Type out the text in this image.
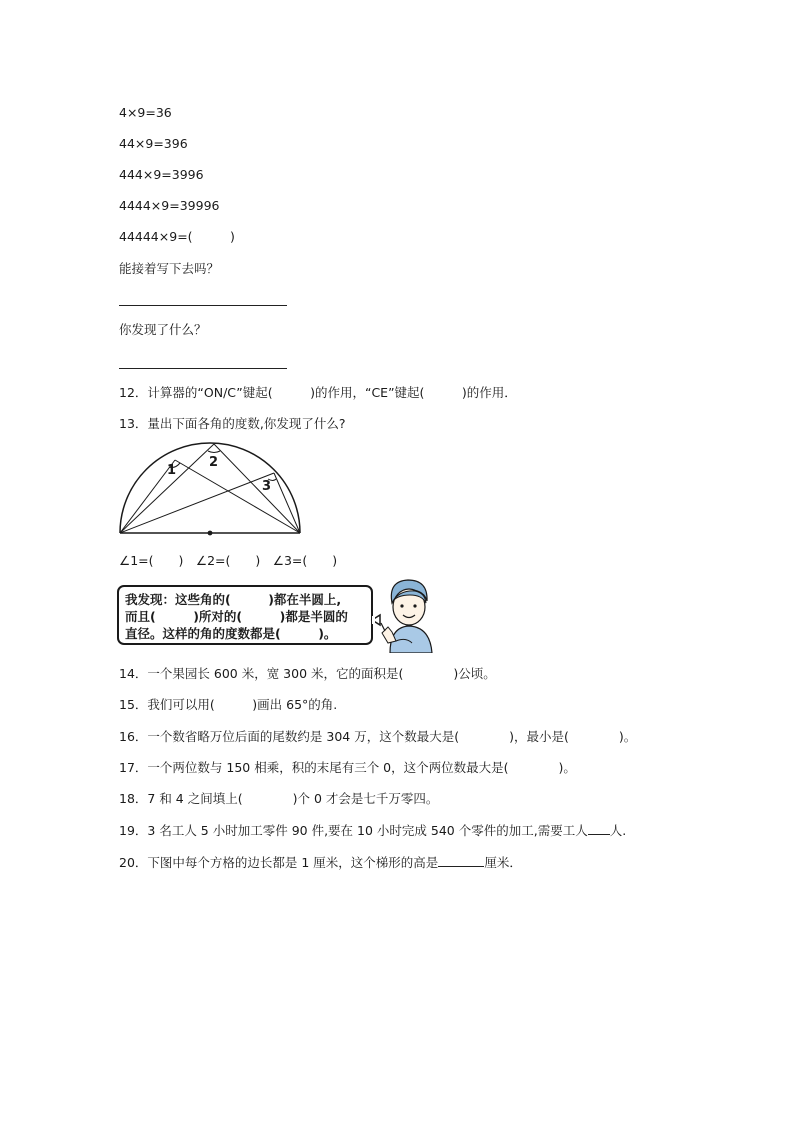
4×9=36
44×9=396
444×9=3996
4444×9=39996
44444×9=(　　　)
能接着写下去吗？
你发现了什么？
12．计算器的“ON/C”键起(　　　)的作用，“CE”键起(　　　)的作用．
13．量出下面各角的度数,你发现了什么?
1
2
3
∠1=(　　)　∠2=(　　)　∠3=(　　)
我发现：这些角的(　　　)都在半圆上,
而且(　　　)所对的(　　　)都是半圆的
直径。这样的角的度数都是(　　　)。
14．一个果园长 600 米，宽 300 米，它的面积是(　　　　)公顷。
15．我们可以用(　　　)画出 65°的角.
16．一个数省略万位后面的尾数约是 304 万，这个数最大是(　　　　)，最小是(　　　　)。
17．一个两位数与 150 相乘，积的末尾有三个 0，这个两位数最大是(　　　　)。
18．7 和 4 之间填上(　　　　)个 0 才会是七千万零四。
19．3 名工人 5 小时加工零件 90 件,要在 10 小时完成 540 个零件的加工,需要工人 人.
20．下图中每个方格的边长都是 1 厘米，这个梯形的高是	厘米．
